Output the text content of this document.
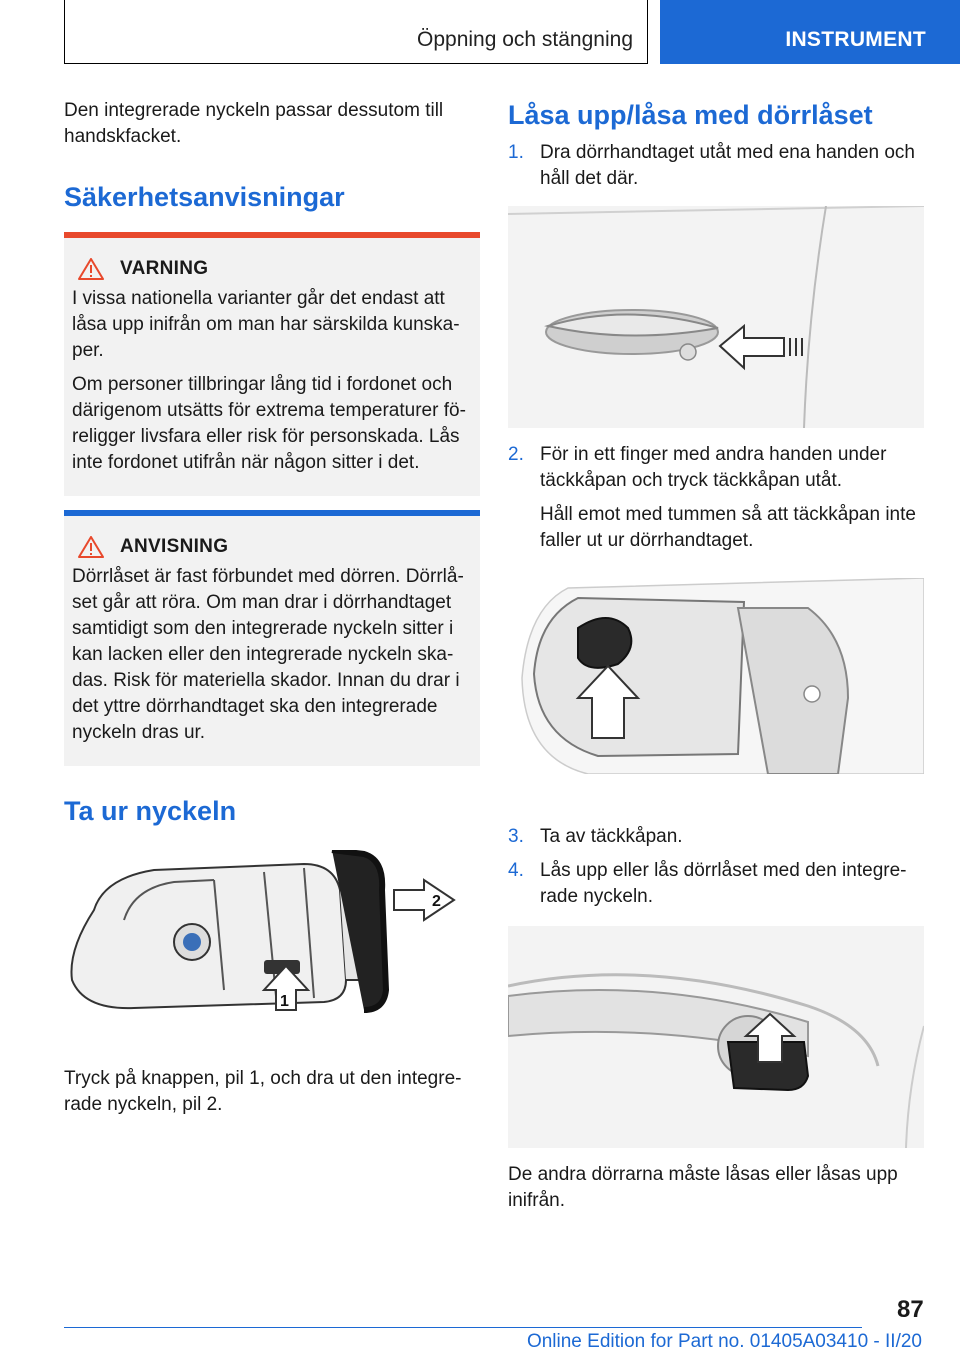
Öppning och stängning	INSTRUMENT

Den integrerade nyckeln passar dessutom till handskfacket.

Säkerhetsanvisningar
VARNING

I vissa nationella varianter går det endast att låsa upp inifrån om man har särskilda kunskaper.

Om personer tillbringar lång tid i fordonet och därigenom utsätts för extrema temperaturer föreligger livsfara eller risk för personskada. Lås inte fordonet utifrån när någon sitter i det.

ANVISNING

Dörrlåset är fast förbundet med dörren. Dörrlåset går att röra. Om man drar i dörrhandtaget samtidigt som den integrerade nyckeln sitter i kan lacken eller den integrerade nyckeln skadas. Risk för materiella skador. Innan du drar i det yttre dörrhandtaget ska den integrerade nyckeln dras ur.

Ta ur nyckeln
2
1

Tryck på knappen, pil 1, och dra ut den integrerade nyckeln, pil 2.

Låsa upp/låsa med dörrlåset
1. Dra dörrhandtaget utåt med ena handen och håll det där.
2. För in ett finger med andra handen under täckkåpan och tryck täckkåpan utåt.
Håll emot med tummen så att täckkåpan inte faller ut ur dörrhandtaget.
3. Ta av täckkåpan.
4. Lås upp eller lås dörrlåset med den integrerade nyckeln.

De andra dörrarna måste låsas eller låsas upp inifrån.

87
Online Edition for Part no. 01405A03410 - II/20
